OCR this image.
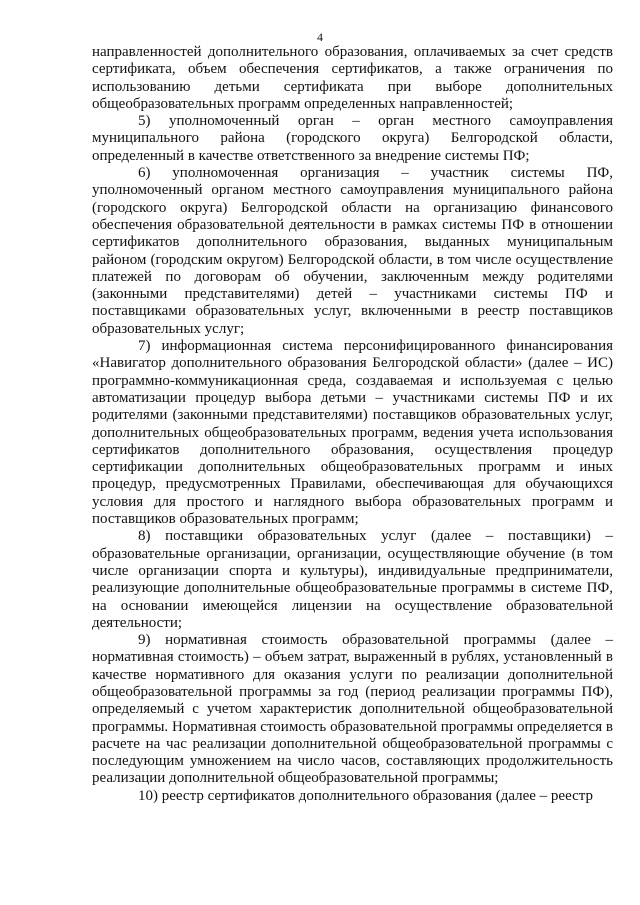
4

направленностей дополнительного образования, оплачиваемых за счет средств сертификата, объем обеспечения сертификатов, а также ограничения по использованию детьми сертификата при выборе дополнительных общеобразовательных программ определенных направленностей;

5) уполномоченный орган – орган местного самоуправления муниципального района (городского округа) Белгородской области, определенный в качестве ответственного за внедрение системы ПФ;

6) уполномоченная организация – участник системы ПФ, уполномоченный органом местного самоуправления муниципального района (городского округа) Белгородской области на организацию финансового обеспечения образовательной деятельности в рамках системы ПФ в отношении сертификатов дополнительного образования, выданных муниципальным районом (городским округом) Белгородской области, в том числе осуществление платежей по договорам об обучении, заключенным между родителями (законными представителями) детей – участниками системы ПФ и поставщиками образовательных услуг, включенными в реестр поставщиков образовательных услуг;

7) информационная система персонифицированного финансирования «Навигатор дополнительного образования Белгородской области» (далее – ИС) программно-коммуникационная среда, создаваемая и используемая с целью автоматизации процедур выбора детьми – участниками системы ПФ и их родителями (законными представителями) поставщиков образовательных услуг, дополнительных общеобразовательных программ, ведения учета использования сертификатов дополнительного образования, осуществления процедур сертификации дополнительных общеобразовательных программ и иных процедур, предусмотренных Правилами, обеспечивающая для обучающихся условия для простого и наглядного выбора образовательных программ и поставщиков образовательных программ;

8) поставщики образовательных услуг (далее – поставщики) – образовательные организации, организации, осуществляющие обучение (в том числе организации спорта и культуры), индивидуальные предприниматели, реализующие дополнительные общеобразовательные программы в системе ПФ, на основании имеющейся лицензии на осуществление образовательной деятельности;

9) нормативная стоимость образовательной программы (далее – нормативная стоимость) – объем затрат, выраженный в рублях, установленный в качестве нормативного для оказания услуги по реализации дополнительной общеобразовательной программы за год (период реализации программы ПФ), определяемый с учетом характеристик дополнительной общеобразовательной программы. Нормативная стоимость образовательной программы определяется в расчете на час реализации дополнительной общеобразовательной программы с последующим умножением на число часов, составляющих продолжительность реализации дополнительной общеобразовательной программы;

10) реестр сертификатов дополнительного образования (далее – реестр
